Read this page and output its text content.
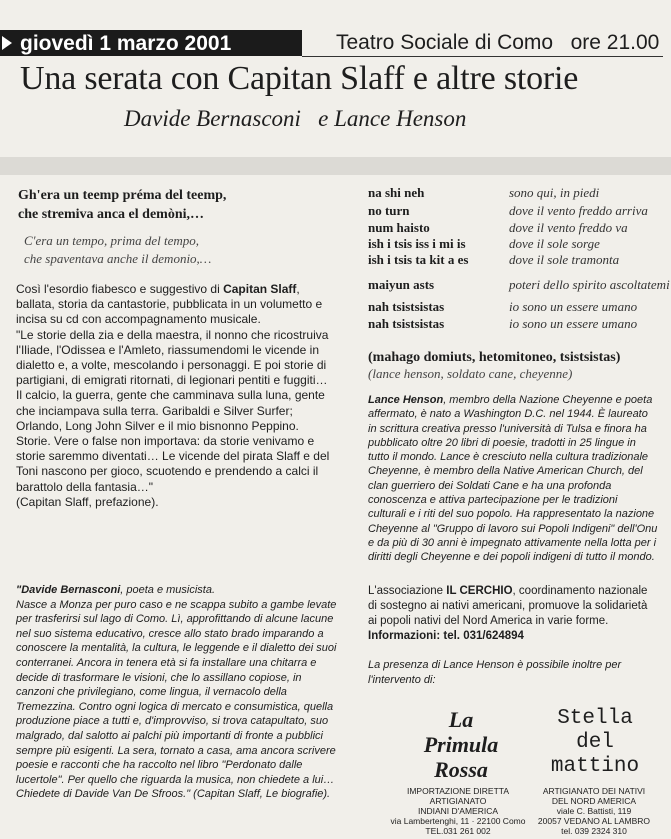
giovedì 1 marzo 2001	Teatro Sociale di Como   ore 21.00
Una serata con Capitan Slaff e altre storie
Davide Bernasconi   e Lance Henson
Gh'era un teemp préma del teemp,
che stremiva anca el demòni,…
C'era un tempo, prima del tempo,
che spaventava anche il demonio,…

Così l'esordio fiabesco e suggestivo di Capitan Slaff, ballata, storia da cantastorie, pubblicata in un volumetto e incisa su cd con accompagnamento musicale.

"Le storie della zia e della maestra, il nonno che ricostruiva l'Iliade, l'Odissea e l'Amleto, riassumendomi le vicende in dialetto e, a volte, mescolando i personaggi. E poi storie di partigiani, di emigrati ritornati, di legionari pentiti e fuggiti… Il calcio, la guerra, gente che camminava sulla luna, gente che inciampava sulla terra. Garibaldi e Silver Surfer; Orlando, Long John Silver e il mio bisnonno Peppino. Storie. Vere o false non importava: da storie venivamo e storie saremmo diventati… Le vicende del pirata Slaff e del Toni nascono per gioco, scuotendo e prendendo a calci il barattolo della fantasia…"

(Capitan Slaff, prefazione).

"Davide Bernasconi, poeta e musicista.

Nasce a Monza per puro caso e ne scappa subito a gambe levate per trasferirsi sul lago di Como. Lì, approfittando di alcune lacune nel suo sistema educativo, cresce allo stato brado imparando a conoscere la mentalità, la cultura, le leggende e il dialetto dei suoi conterranei. Ancora in tenera età si fa installare una chitarra e decide di trasformare le visioni, che lo assillano copiose, in canzoni che privilegiano, come lingua, il vernacolo della Tremezzina. Contro ogni logica di mercato e consumistica, quella produzione piace a tutti e, d'improvviso, si trova catapultato, suo malgrado, dal salotto ai palchi più importanti di fronte a pubblici sempre più esigenti. La sera, tornato a casa, ama ancora scrivere poesie e racconti che ha raccolto nel libro "Perdonato dalle lucertole". Per quello che riguarda la musica, non chiedete a lui…Chiedete di Davide Van De Sfroos." (Capitan Slaff, Le biografie).

na shi neh	sono qui, in piedi
no turn	dove il vento freddo arriva
num haisto	dove il vento freddo va
ish i tsis iss i mi is	dove il sole sorge
ish i tsis ta kit a es	dove il sole tramonta
maiyun asts	poteri dello spirito ascoltatemi
nah tsistsistas	io sono un essere umano
nah tsistsistas	io sono un essere umano
(mahago domiuts, hetomitoneo, tsistsistas)
(lance henson, soldato cane, cheyenne)

Lance Henson, membro della Nazione Cheyenne e poeta affermato, è nato a Washington D.C. nel 1944. È laureato in scrittura creativa presso l'università di Tulsa e finora ha pubblicato oltre 20 libri di poesie, tradotti in 25 lingue in tutto il mondo. Lance è cresciuto nella cultura tradizionale Cheyenne, è membro della Native American Church, del clan guerriero dei Soldati Cane e ha una profonda conoscenza e attiva partecipazione per le tradizioni culturali e i riti del suo popolo. Ha rappresentato la nazione Cheyenne al "Gruppo di lavoro sui Popoli Indigeni" dell'Onu e da più di 30 anni è impegnato attivamente nella lotta per i diritti degli Cheyenne e dei popoli indigeni di tutto il mondo.

L'associazione IL CERCHIO, coordinamento nazionale di sostegno ai nativi americani, promuove la solidarietà ai popoli nativi del Nord America in varie forme.

Informazioni: tel. 031/624894

La presenza di Lance Henson è possibile inoltre per l'intervento di:
La
Primula
Rossa
Stella
del
mattino
IMPORTAZIONE DIRETTA
ARTIGIANATO
INDIANI D'AMERICA
via Lambertenghi, 11 · 22100 Como
TEL.031 261 002
ARTIGIANATO DEI NATIVI
DEL NORD AMERICA
viale C. Battisti, 119
20057 VEDANO AL LAMBRO
tel. 039 2324 310
